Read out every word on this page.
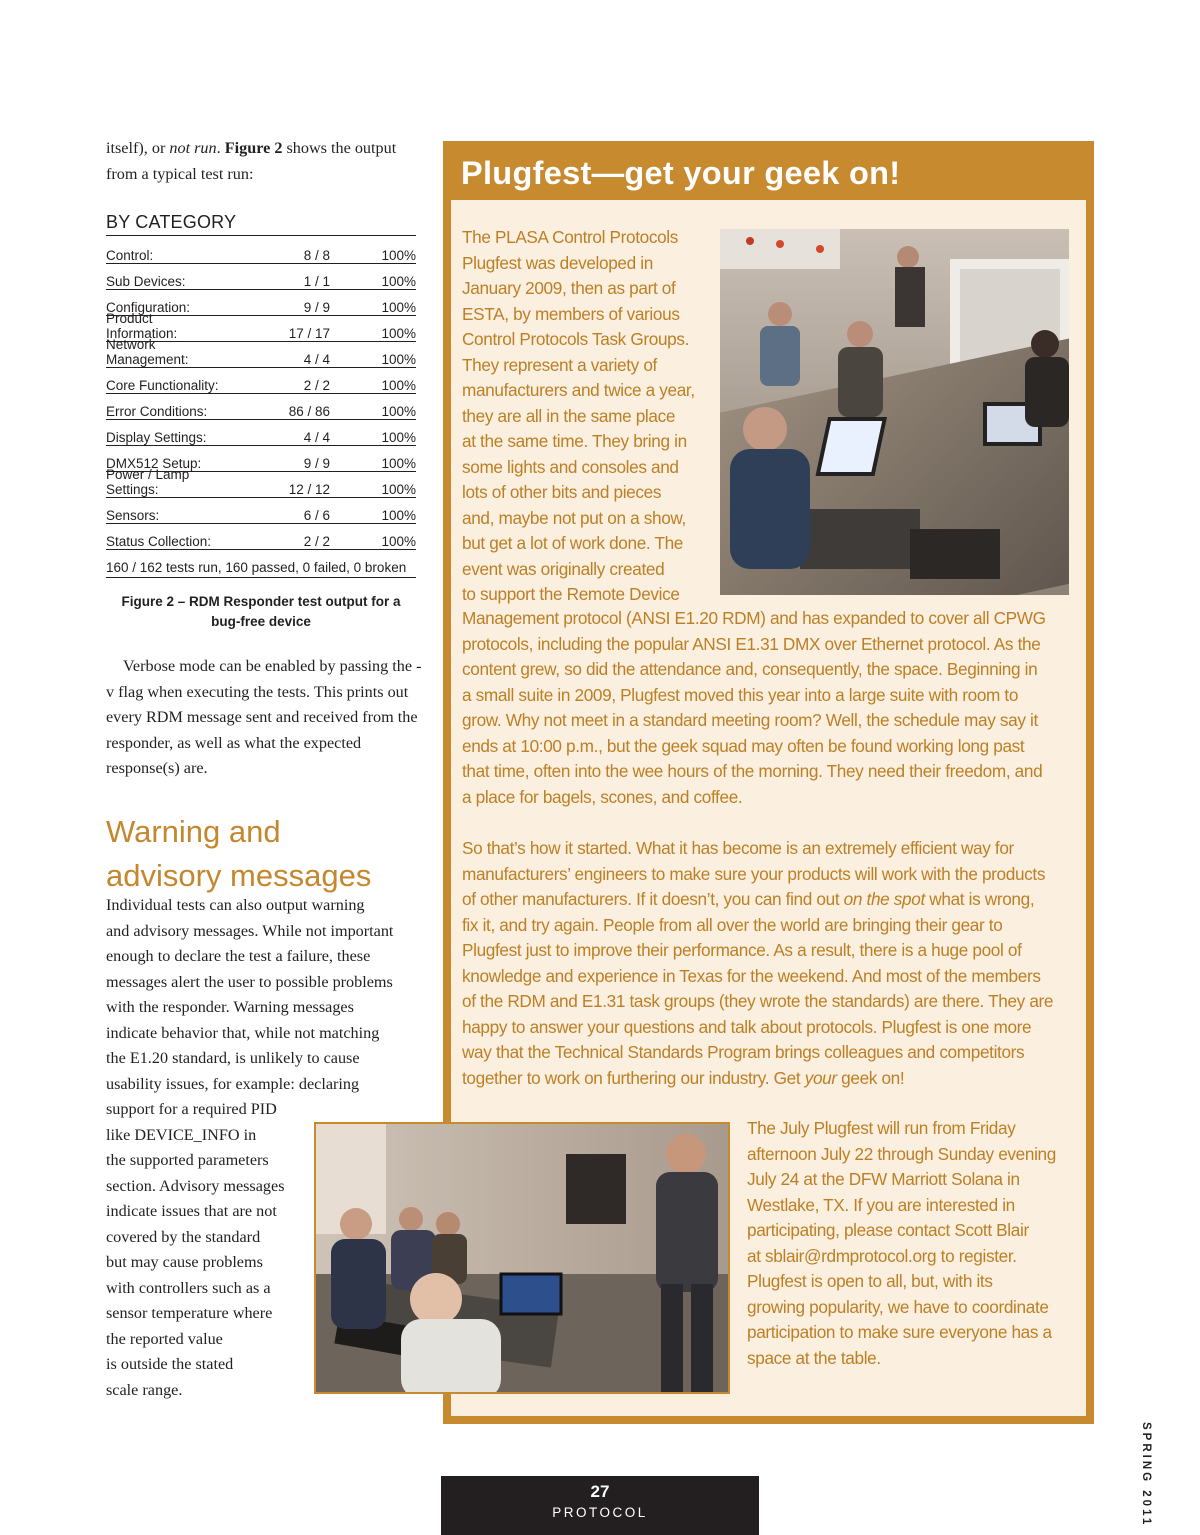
itself), or not run. Figure 2 shows the output from a typical test run:
BY CATEGORY
Control:	8 / 8	100%
Sub Devices:	1 / 1	100%
Configuration:	9 / 9	100%
Product Information:	17 / 17	100%
Network Management:	4 / 4	100%
Core Functionality:	2 / 2	100%
Error Conditions:	86 / 86	100%
Display Settings:	4 / 4	100%
DMX512 Setup:	9 / 9	100%
Power / Lamp Settings:	12 / 12	100%
Sensors:	6 / 6	100%
Status Collection:	2 / 2	100%
160 / 162 tests run, 160 passed, 0 failed, 0 broken
Figure 2 – RDM Responder test output for a bug-free device
Verbose mode can be enabled by passing the -v flag when executing the tests. This prints out every RDM message sent and received from the responder, as well as what the expected response(s) are.
Warning and
advisory messages
Individual tests can also output warning
and advisory messages. While not important
enough to declare the test a failure, these
messages alert the user to possible problems
with the responder. Warning messages
indicate behavior that, while not matching
the E1.20 standard, is unlikely to cause
usability issues, for example: declaring
support for a required PID
like DEVICE_INFO in
the supported parameters
section. Advisory messages
indicate issues that are not
covered by the standard
but may cause problems
with controllers such as a
sensor temperature where
the reported value
is outside the stated
scale range.
Plugfest—get your geek on!
The PLASA Control Protocols
Plugfest was developed in
January 2009, then as part of
ESTA, by members of various
Control Protocols Task Groups.
They represent a variety of
manufacturers and twice a year,
they are all in the same place
at the same time. They bring in
some lights and consoles and
lots of other bits and pieces
and, maybe not put on a show,
but get a lot of work done. The
event was originally created
to support the Remote Device
Management protocol (ANSI E1.20 RDM) and has expanded to cover all CPWG
protocols, including the popular ANSI E1.31 DMX over Ethernet protocol. As the
content grew, so did the attendance and, consequently, the space. Beginning in
a small suite in 2009, Plugfest moved this year into a large suite with room to
grow. Why not meet in a standard meeting room? Well, the schedule may say it
ends at 10:00 p.m., but the geek squad may often be found working long past
that time, often into the wee hours of the morning. They need their freedom, and
a place for bagels, scones, and coffee.
So that’s how it started. What it has become is an extremely efficient way for
manufacturers’ engineers to make sure your products will work with the products
of other manufacturers. If it doesn’t, you can find out on the spot what is wrong,
fix it, and try again. People from all over the world are bringing their gear to
Plugfest just to improve their performance. As a result, there is a huge pool of
knowledge and experience in Texas for the weekend. And most of the members
of the RDM and E1.31 task groups (they wrote the standards) are there. They are
happy to answer your questions and talk about protocols. Plugfest is one more
way that the Technical Standards Program brings colleagues and competitors
together to work on furthering our industry. Get your geek on!
The July Plugfest will run from Friday
afternoon July 22 through Sunday evening
July 24 at the DFW Marriott Solana in
Westlake, TX. If you are interested in
participating, please contact Scott Blair
at sblair@rdmprotocol.org to register.
Plugfest is open to all, but, with its
growing popularity, we have to coordinate
participation to make sure everyone has a
space at the table.
27
PROTOCOL	SPRING 2011
